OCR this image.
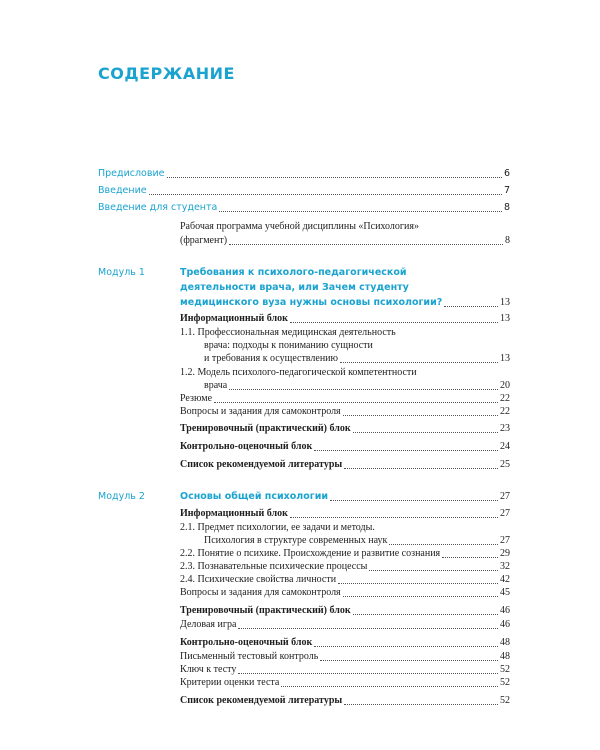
СОДЕРЖАНИЕ
Предисловие	6
Введение	7
Введение для студента	8
Рабочая программа учебной дисциплины «Психология»
(фрагмент)	8
Модуль 1	Требования к психолого-педагогической
деятельности врача, или Зачем студенту
медицинского вуза нужны основы психологии?	13
Информационный блок	13
1.1. Профессиональная медицинская деятельность
врача: подходы к пониманию сущности
и требования к осуществлению	13
1.2. Модель психолого-педагогической компетентности
врача	20
Резюме	22
Вопросы и задания для самоконтроля	22
Тренировочный (практический) блок	23
Контрольно-оценочный блок	24
Список рекомендуемой литературы	25
Модуль 2	Основы общей психологии	27
Информационный блок	27
2.1. Предмет психологии, ее задачи и методы.
Психология в структуре современных наук	27
2.2. Понятие о психике. Происхождение и развитие сознания	29
2.3. Познавательные психические процессы	32
2.4. Психические свойства личности	42
Вопросы и задания для самоконтроля	45
Тренировочный (практический) блок	46
Деловая игра	46
Контрольно-оценочный блок	48
Письменный тестовый контроль	48
Ключ к тесту	52
Критерии оценки теста	52
Список рекомендуемой литературы	52
